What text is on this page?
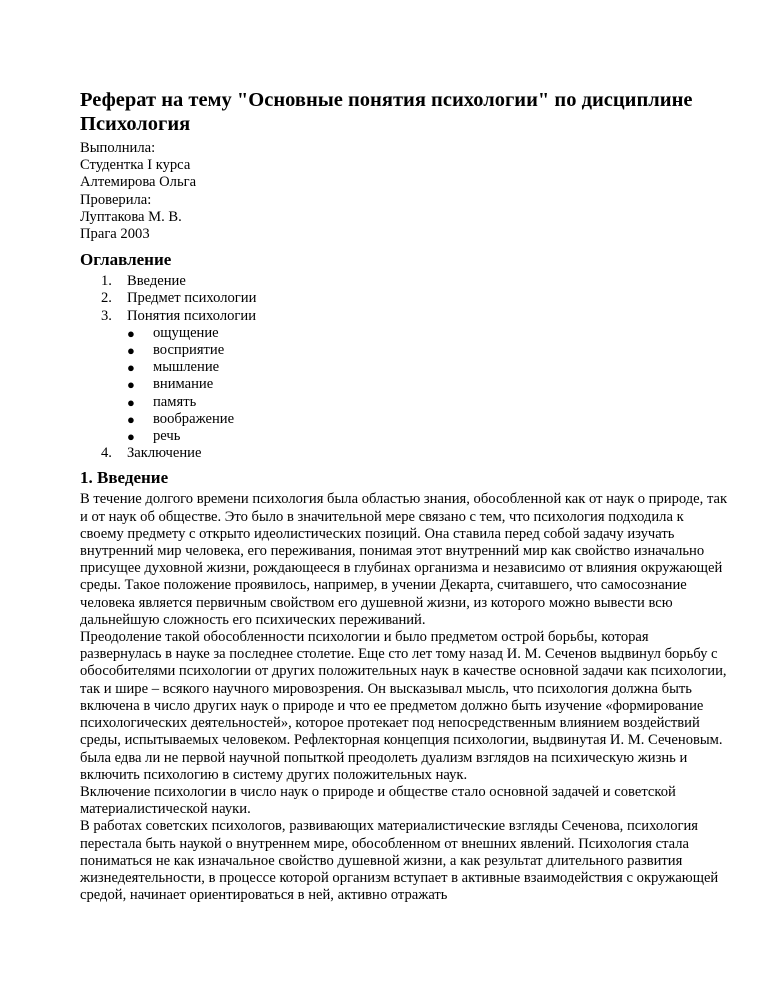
Реферат на тему "Основные понятия психологии" по дисциплине Психология
Выполнила:
Студентка I курса
Алтемирова Ольга
Проверила:
Луптакова М. В.
Прага 2003
Оглавление
1.	Введение
2.	Предмет психологии
3.	Понятия психологии
●	ощущение
●	восприятие
●	мышление
●	внимание
●	память
●	воображение
●	речь
4.	Заключение
1. Введение

В течение долгого времени психология была областью знания, обособленной как от наук о природе, так и от наук об обществе. Это было в значительной мере связано с тем, что психология подходила к своему предмету с открыто идеолистических позиций. Она ставила перед собой задачу изучать внутренний мир человека, его переживания, понимая этот внутренний мир как свойство изначально присущее духовной жизни, рождающееся в глубинах организма и независимо от влияния окружающей среды. Такое положение проявилось, например, в учении Декарта, считавшего, что самосознание человека является первичным свойством его душевной жизни, из которого можно вывести всю дальнейшую сложность его психических переживаний.

Преодоление такой обособленности психологии и было предметом острой борьбы, которая развернулась в науке за последнее столетие. Еще сто лет тому назад И. М. Сеченов выдвинул борьбу с обособителями психологии от других положительных наук в качестве основной задачи как психологии, так и шире – всякого научного мировозрения. Он высказывал мысль, что психология должна быть включена в число других наук о природе и что ее предметом должно быть изучение «формирование психологических деятельностей», которое протекает под непосредственным влиянием воздействий среды, испытываемых человеком. Рефлекторная концепция психологии, выдвинутая И. М. Сеченовым. была едва ли не первой научной попыткой преодолеть дуализм взглядов на психическую жизнь и включить психологию в систему других положительных наук.

Включение психологии в число наук о природе и обществе стало основной задачей и советской материалистической науки.

В работах советских психологов, развивающих материалистические взгляды Сеченова, психология перестала быть наукой о внутреннем мире, обособленном от внешних явлений. Психология стала пониматься не как изначальное свойство душевной жизни, а как результат длительного развития жизнедеятельности, в процессе которой организм вступает в активные взаимодействия с окружающей средой, начинает ориентироваться в ней, активно отражать
